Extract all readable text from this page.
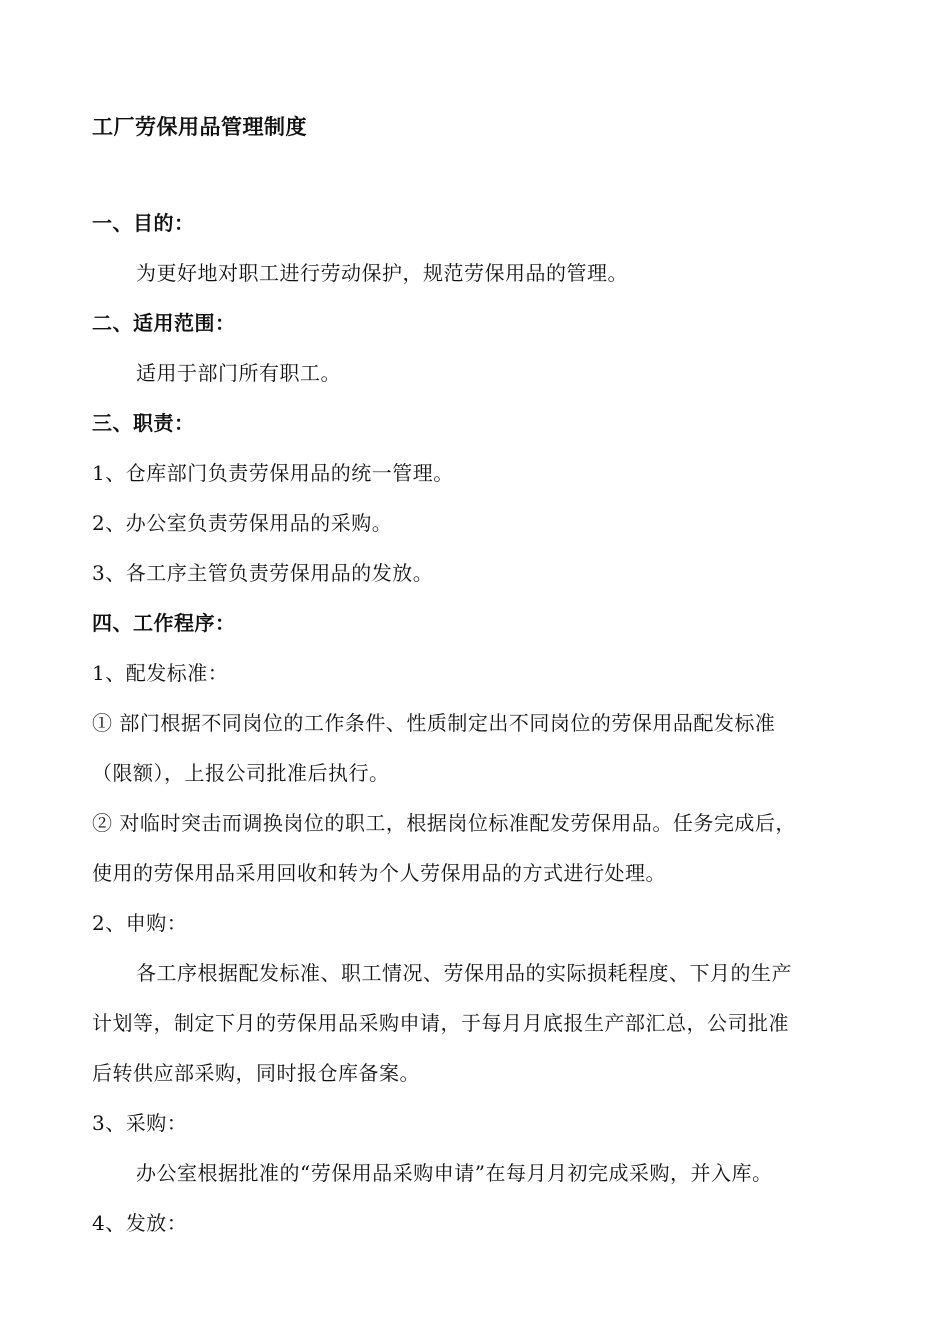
工厂劳保用品管理制度
一、目的：
为更好地对职工进行劳动保护，规范劳保用品的管理。
二、适用范围：
适用于部门所有职工。
三、职责：
1、仓库部门负责劳保用品的统一管理。
2、办公室负责劳保用品的采购。
3、各工序主管负责劳保用品的发放。
四、工作程序：
1、配发标准：
① 部门根据不同岗位的工作条件、性质制定出不同岗位的劳保用品配发标准
（限额），上报公司批准后执行。
② 对临时突击而调换岗位的职工，根据岗位标准配发劳保用品。任务完成后，
使用的劳保用品采用回收和转为个人劳保用品的方式进行处理。
2、申购：
各工序根据配发标准、职工情况、劳保用品的实际损耗程度、下月的生产
计划等，制定下月的劳保用品采购申请，于每月月底报生产部汇总，公司批准
后转供应部采购，同时报仓库备案。
3、采购：
办公室根据批准的“劳保用品采购申请”在每月月初完成采购，并入库。
4、发放：
